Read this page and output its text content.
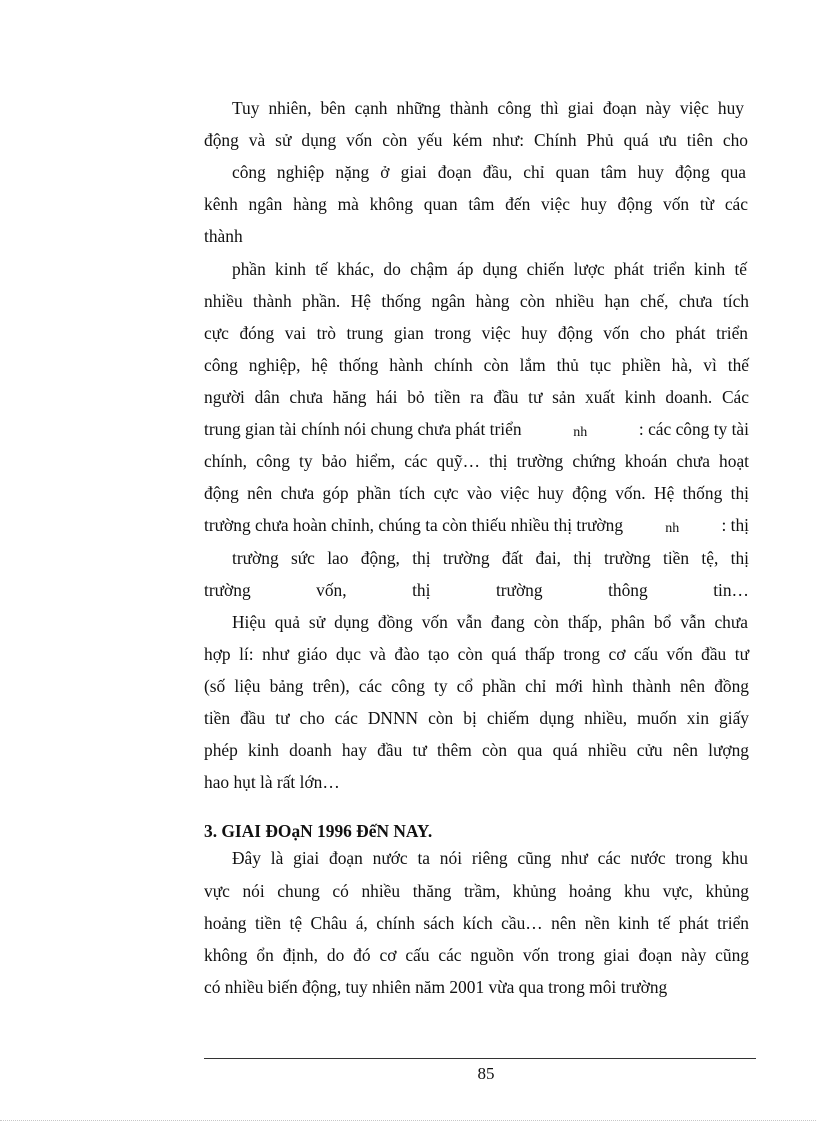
Tuy nhiên, bên cạnh những thành công thì giai đoạn này việc huy
động và sử dụng vốn còn yếu kém như: Chính Phủ quá ưu tiên cho
công nghiệp nặng ở giai đoạn đầu, chỉ quan tâm huy động qua
kênh ngân hàng mà không quan tâm đến việc huy động vốn từ các
thành
phần kinh tế khác, do chậm áp dụng chiến lược phát triển kinh tế
nhiều thành phần. Hệ thống ngân hàng còn nhiều hạn chế, chưa tích
cực đóng vai trò trung gian trong việc huy động vốn cho phát triển
công nghiệp, hệ thống hành chính còn lắm thủ tục phiền hà, vì thế
người dân chưa hăng hái bỏ tiền ra đầu tư sản xuất kinh doanh. Các
trung gian tài chính nói chung chưa phát triển	nh	: các công ty tài
chính, công ty bảo hiểm, các quỹ… thị trường chứng khoán chưa hoạt
động nên chưa góp phần tích cực vào việc huy động vốn. Hệ thống thị
trường chưa hoàn chỉnh, chúng ta còn thiếu nhiều thị trường	nh : thị
trường sức lao động, thị trường đất đai, thị trường tiền tệ, thị
trường	vốn,	thị	trường	thông	tin…
Hiệu quả sử dụng đồng vốn vẫn đang còn thấp, phân bổ vẫn chưa
hợp lí: như giáo dục và đào tạo còn quá thấp trong cơ cấu vốn đầu tư
(số liệu bảng trên), các công ty cổ phần chỉ mới hình thành nên đồng
tiền đầu tư cho các DNNN còn bị chiếm dụng nhiều, muốn xin giấy
phép kinh doanh hay đầu tư thêm còn qua quá nhiều cửu nên lượng
hao hụt là rất lớn…
3. GIAI ĐOạN 1996 ĐếN NAY.
Đây là giai đoạn nước ta nói riêng cũng như các nước trong khu
vực nói chung có nhiều thăng trầm, khủng hoảng khu vực, khủng
hoảng tiền tệ Châu á, chính sách kích cầu… nên nền kinh tế phát triển
không ổn định, do đó cơ cấu các nguồn vốn trong giai đoạn này cũng
có nhiều biến động, tuy nhiên năm 2001 vừa qua trong môi trường
85
